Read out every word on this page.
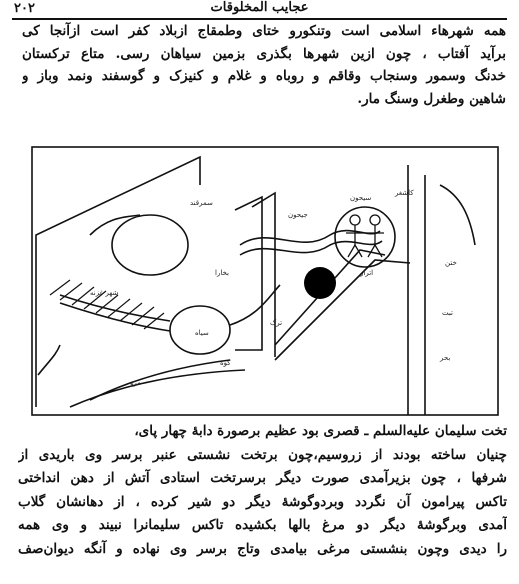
۲۰۲	عجایب المخلوقات
همه شهرهاء اسلامی است وتنکورو ختای وطمقاج ازبلاد کفر است ازآنجا کی
برآید آفتاب ، چون ازین شهرها بگذری بزمین سیاهان رسی. متاع ترکستان
خدنگ وسمور وسنجاب وقاقم و روباه و غلام و کنیزک و گوسفند ونمد وباز و
شاهین وطغرل وسنگ مار.
سیحون
جیحون
سمرقند
بخارا	اترار
کاشغر
ختن
تبت
شهر غزنه
سیاه
ترک
کوه
مرو
بحر
تخت سلیمان علیه‌السلم ـ قصری بود عظیم برصورة دابهٔ چهار پای،
چنیان ساخته بودند از زروسیم،چون برتخت نشستی عنبر برسر وی باریدی از
شرفها ، چون بزیرآمدی صورت دیگر برسرتخت استادی آتش از دهن انداختی
تاکس پیرامون آن نگردد وبردوگوشهٔ دیگر دو شیر کرده ، از دهانشان گلاب
آمدی وبرگوشهٔ دیگر دو مرغ بالها بکشیده تاکس سلیمانرا نبیند و وی همه
را دیدی وچون بنشستی مرغی بیامدی وتاج برسر وی نهاده و آنگه دیوان‌صف
